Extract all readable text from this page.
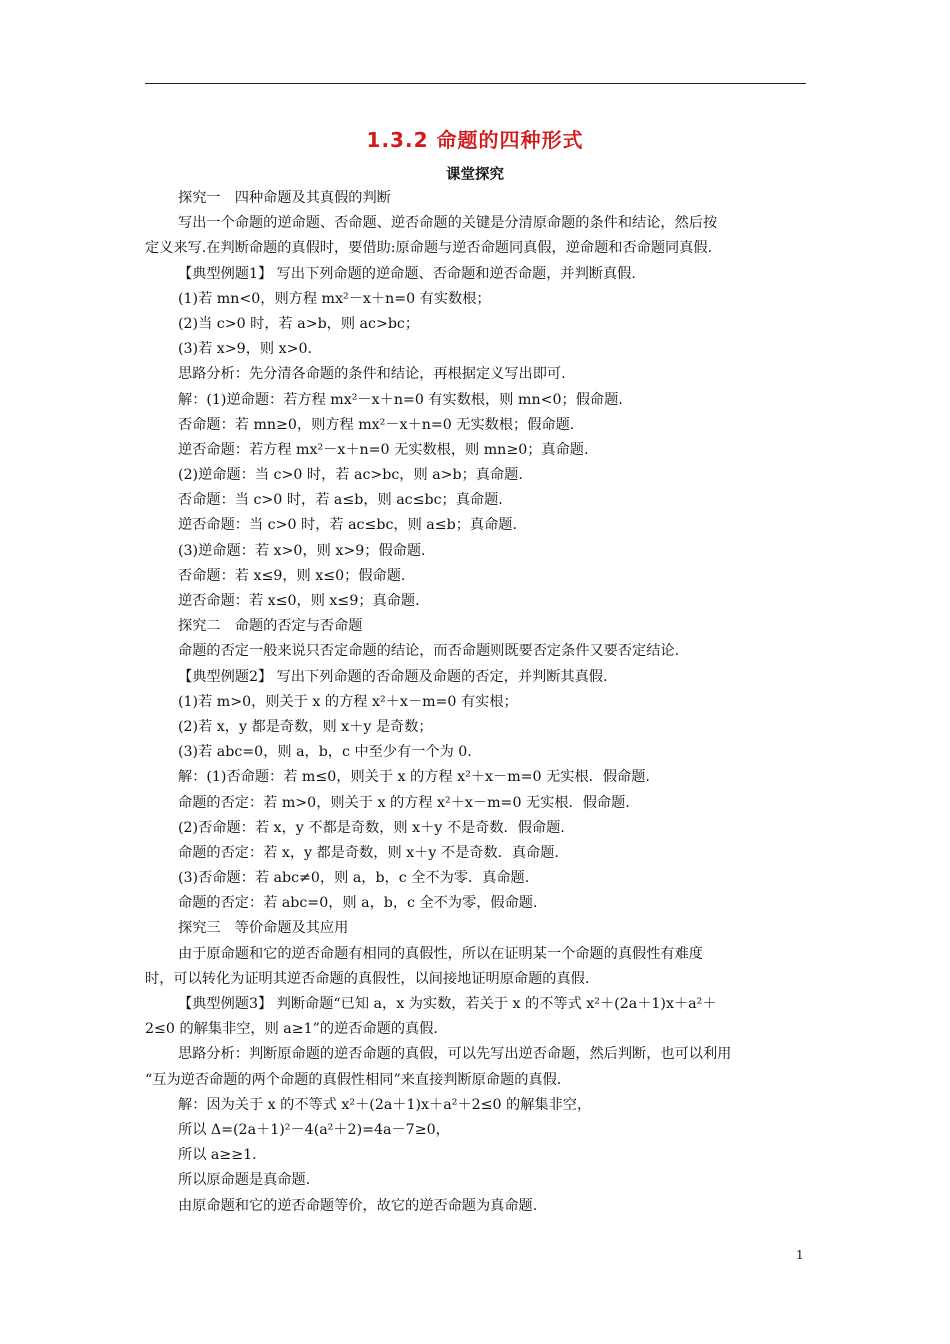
1.3.2 命题的四种形式
课堂探究
探究一　四种命题及其真假的判断
写出一个命题的逆命题、否命题、逆否命题的关键是分清原命题的条件和结论，然后按
定义来写.在判断命题的真假时，要借助:原命题与逆否命题同真假，逆命题和否命题同真假.
【典型例题1】 写出下列命题的逆命题、否命题和逆否命题，并判断真假.
(1)若 mn<0，则方程 mx²－x＋n=0 有实数根；
(2)当 c>0 时，若 a>b，则 ac>bc；
(3)若 x>9，则 x>0.
思路分析：先分清各命题的条件和结论，再根据定义写出即可.
解：(1)逆命题：若方程 mx²－x＋n=0 有实数根，则 mn<0；假命题.
否命题：若 mn≥0，则方程 mx²－x＋n=0 无实数根；假命题.
逆否命题：若方程 mx²－x＋n=0 无实数根，则 mn≥0；真命题.
(2)逆命题：当 c>0 时，若 ac>bc，则 a>b；真命题.
否命题：当 c>0 时，若 a≤b，则 ac≤bc；真命题.
逆否命题：当 c>0 时，若 ac≤bc，则 a≤b；真命题.
(3)逆命题：若 x>0，则 x>9；假命题.
否命题：若 x≤9，则 x≤0；假命题.
逆否命题：若 x≤0，则 x≤9；真命题.
探究二　命题的否定与否命题
命题的否定一般来说只否定命题的结论，而否命题则既要否定条件又要否定结论.
【典型例题2】 写出下列命题的否命题及命题的否定，并判断其真假.
(1)若 m>0，则关于 x 的方程 x²＋x－m=0 有实根；
(2)若 x，y 都是奇数，则 x＋y 是奇数；
(3)若 abc=0，则 a，b，c 中至少有一个为 0.
解：(1)否命题：若 m≤0，则关于 x 的方程 x²＋x－m=0 无实根．假命题.
命题的否定：若 m>0，则关于 x 的方程 x²＋x－m=0 无实根．假命题.
(2)否命题：若 x，y 不都是奇数，则 x＋y 不是奇数．假命题.
命题的否定：若 x，y 都是奇数，则 x＋y 不是奇数．真命题.
(3)否命题：若 abc≠0，则 a，b，c 全不为零．真命题.
命题的否定：若 abc=0，则 a，b，c 全不为零，假命题.
探究三　等价命题及其应用
由于原命题和它的逆否命题有相同的真假性，所以在证明某一个命题的真假性有难度
时，可以转化为证明其逆否命题的真假性，以间接地证明原命题的真假.
【典型例题3】 判断命题“已知 a，x 为实数，若关于 x 的不等式 x²＋(2a＋1)x＋a²＋
2≤0 的解集非空，则 a≥1”的逆否命题的真假.
思路分析：判断原命题的逆否命题的真假，可以先写出逆否命题，然后判断，也可以利用
“互为逆否命题的两个命题的真假性相同”来直接判断原命题的真假.
解：因为关于 x 的不等式 x²＋(2a＋1)x＋a²＋2≤0 的解集非空，
所以 Δ=(2a＋1)²－4(a²＋2)=4a－7≥0，
所以 a≥≥1.
所以原命题是真命题.
由原命题和它的逆否命题等价，故它的逆否命题为真命题.
1
